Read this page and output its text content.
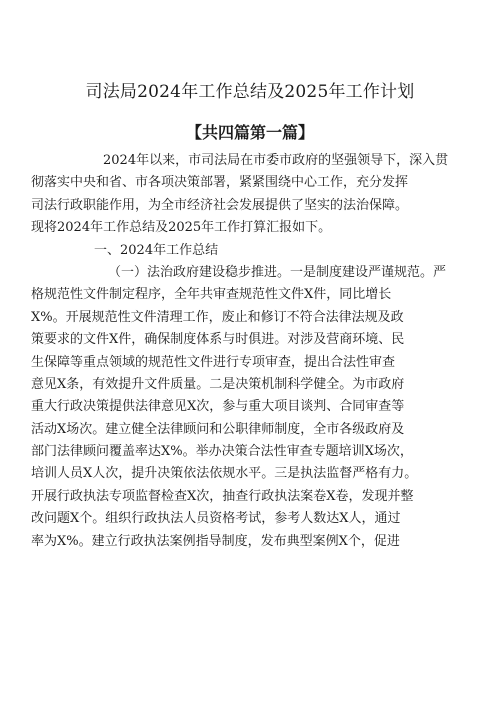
司法局2024年工作总结及2025年工作计划
【共四篇第一篇】

2024年以来，市司法局在市委市政府的坚强领导下，深入贯

彻落实中央和省、市各项决策部署，紧紧围绕中心工作，充分发挥

司法行政职能作用，为全市经济社会发展提供了坚实的法治保障。

现将2024年工作总结及2025年工作打算汇报如下。

一、2024年工作总结

（一）法治政府建设稳步推进。一是制度建设严谨规范。严

格规范性文件制定程序，全年共审查规范性文件X件，同比增长

X%。开展规范性文件清理工作，废止和修订不符合法律法规及政

策要求的文件X件，确保制度体系与时俱进。对涉及营商环境、民

生保障等重点领域的规范性文件进行专项审查，提出合法性审查

意见X条，有效提升文件质量。二是决策机制科学健全。为市政府

重大行政决策提供法律意见X次，参与重大项目谈判、合同审查等

活动X场次。建立健全法律顾问和公职律师制度，全市各级政府及

部门法律顾问覆盖率达X%。举办决策合法性审查专题培训X场次，

培训人员X人次，提升决策依法依规水平。三是执法监督严格有力。

开展行政执法专项监督检查X次，抽查行政执法案卷X卷，发现并整

改问题X个。组织行政执法人员资格考试，参考人数达X人，通过

率为X%。建立行政执法案例指导制度，发布典型案例X个，促进
